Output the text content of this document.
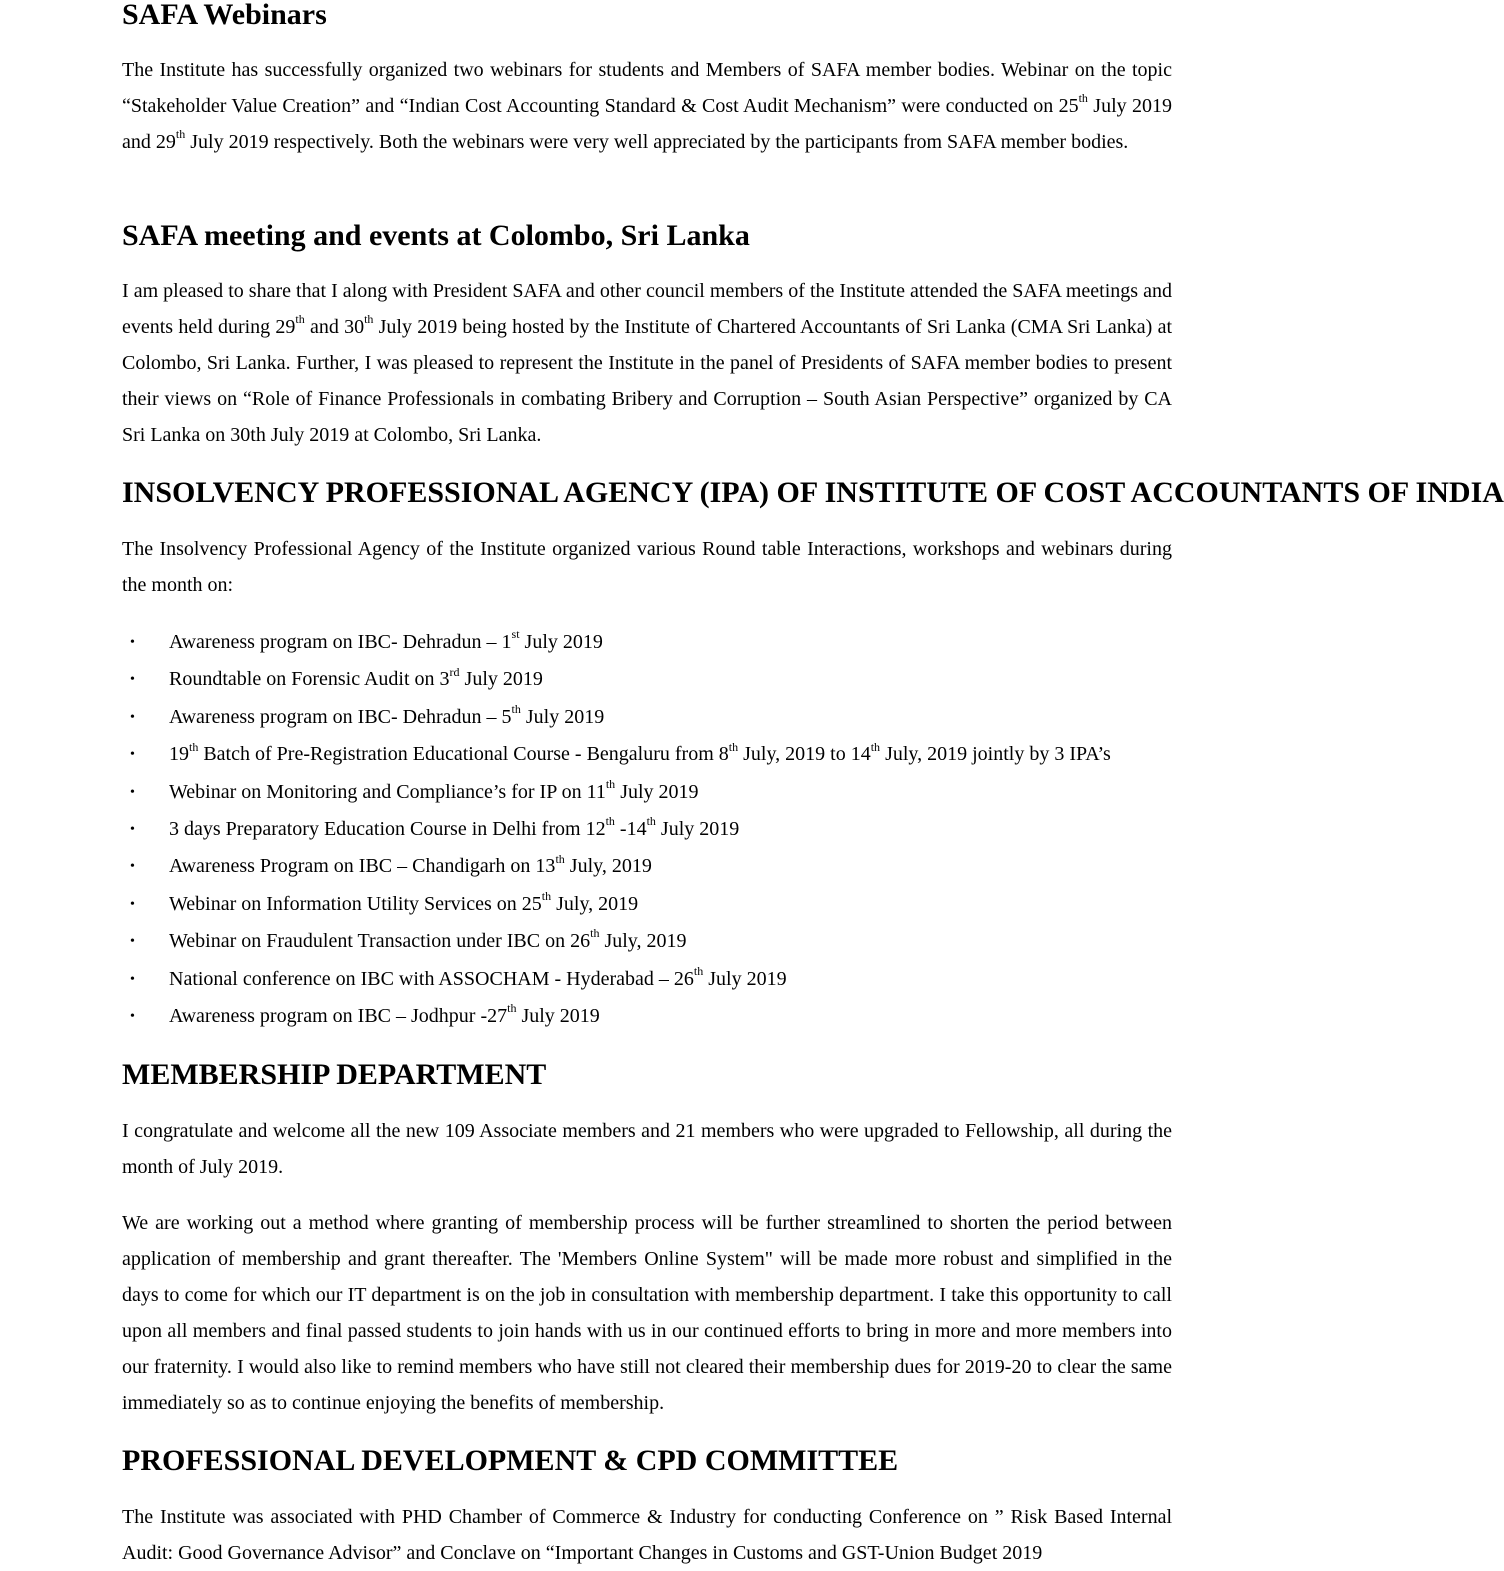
SAFA Webinars

The Institute has successfully organized two webinars for students and Members of SAFA member bodies. Webinar on the topic “Stakeholder Value Creation” and “Indian Cost Accounting Standard & Cost Audit Mechanism” were conducted on 25th July 2019 and 29th July 2019 respectively. Both the webinars were very well appreciated by the participants from SAFA member bodies.

SAFA meeting and events at Colombo, Sri Lanka

I am pleased to share that I along with President SAFA and other council members of the Institute attended the SAFA meetings and events held during 29th and 30th July 2019 being hosted by the Institute of Chartered Accountants of Sri Lanka (CMA Sri Lanka) at Colombo, Sri Lanka. Further, I was pleased to represent the Institute in the panel of Presidents of SAFA member bodies to present their views on “Role of Finance Professionals in combating Bribery and Corruption – South Asian Perspective” organized by CA Sri Lanka on 30th July 2019 at Colombo, Sri Lanka.

INSOLVENCY PROFESSIONAL AGENCY (IPA) OF INSTITUTE OF COST ACCOUNTANTS OF INDIA

The Insolvency Professional Agency of the Institute organized various Round table Interactions, workshops and webinars during the month on:

• Awareness program on IBC- Dehradun – 1st July 2019
• Roundtable on Forensic Audit on 3rd July 2019
• Awareness program on IBC- Dehradun – 5th July 2019
• 19th Batch of Pre-Registration Educational Course - Bengaluru from 8th July, 2019 to 14th July, 2019 jointly by 3 IPA’s
• Webinar on Monitoring and Compliance’s for IP on 11th July 2019
• 3 days Preparatory Education Course in Delhi from 12th -14th July 2019
• Awareness Program on IBC – Chandigarh on 13th July, 2019
• Webinar on Information Utility Services on 25th July, 2019
• Webinar on Fraudulent Transaction under IBC on 26th July, 2019
• National conference on IBC with ASSOCHAM - Hyderabad – 26th July 2019
• Awareness program on IBC – Jodhpur -27th July 2019
MEMBERSHIP DEPARTMENT

I congratulate and welcome all the new 109 Associate members and 21 members who were upgraded to Fellowship, all during the month of July 2019.

We are working out a method where granting of membership process will be further streamlined to shorten the period between application of membership and grant thereafter. The 'Members Online System" will be made more robust and simplified in the days to come for which our IT department is on the job in consultation with membership department. I take this opportunity to call upon all members and final passed students to join hands with us in our continued efforts to bring in more and more members into our fraternity. I would also like to remind members who have still not cleared their membership dues for 2019-20 to clear the same immediately so as to continue enjoying the benefits of membership.

PROFESSIONAL DEVELOPMENT & CPD COMMITTEE

The Institute was associated with PHD Chamber of Commerce & Industry for conducting Conference on ” Risk Based Internal Audit: Good Governance Advisor” and Conclave on “Important Changes in Customs and GST-Union Budget 2019
